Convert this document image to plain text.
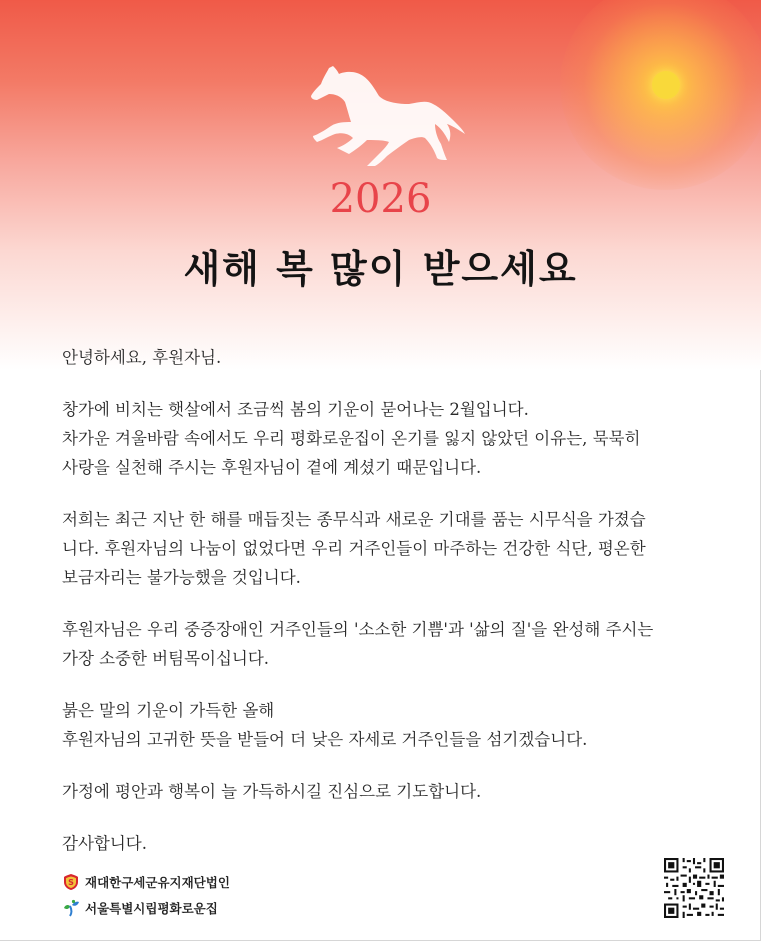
2026
새해 복 많이 받으세요

안녕하세요, 후원자님.

창가에 비치는 햇살에서 조금씩 봄의 기운이 묻어나는 2월입니다.
차가운 겨울바람 속에서도 우리 평화로운집이 온기를 잃지 않았던 이유는, 묵묵히
사랑을 실천해 주시는 후원자님이 곁에 계셨기 때문입니다.

저희는 최근 지난 한 해를 매듭짓는 종무식과 새로운 기대를 품는 시무식을 가졌습
니다. 후원자님의 나눔이 없었다면 우리 거주인들이 마주하는 건강한 식단, 평온한
보금자리는 불가능했을 것입니다.

후원자님은 우리 중증장애인 거주인들의 '소소한 기쁨'과 '삶의 질'을 완성해 주시는
가장 소중한 버팀목이십니다.

붉은 말의 기운이 가득한 올해
후원자님의 고귀한 뜻을 받들어 더 낮은 자세로 거주인들을 섬기겠습니다.

가정에 평안과 행복이 늘 가득하시길 진심으로 기도합니다.

감사합니다.

S 재대한구세군유지재단법인
서울특별시립평화로운집
